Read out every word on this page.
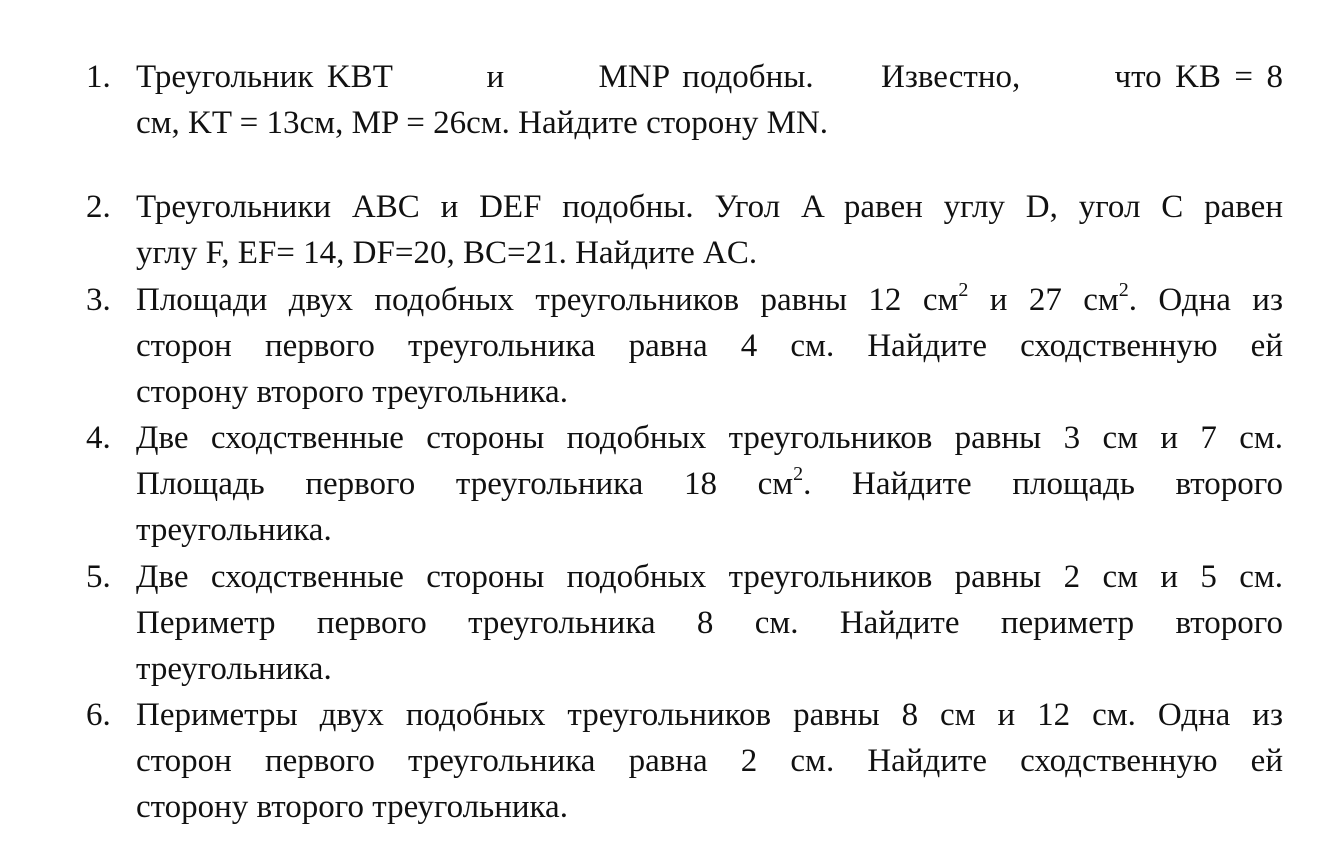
1. Треугольник KBT       и       MNP подобны.     Известно,       что KB = 8
см, KT = 13см, MP = 26см. Найдите сторону MN.
2. Треугольники ABC и DEF подобны. Угол A равен углу D, угол C равен
углу F, EF= 14, DF=20, BC=21. Найдите AC.
3. Площади двух подобных треугольников равны 12 $см^2$ и 27 $см^2$. Одна из
сторон первого треугольника равна 4 см. Найдите сходственную ей
сторону второго треугольника.
4. Две сходственные стороны подобных треугольников равны 3 см и 7 см.
Площадь первого треугольника 18 $см^2$. Найдите площадь второго
треугольника.
5. Две сходственные стороны подобных треугольников равны 2 см и 5 см.
Периметр первого треугольника 8 см. Найдите периметр второго
треугольника.
6. Периметры двух подобных треугольников равны 8 см и 12 см. Одна из
сторон первого треугольника равна 2 см. Найдите сходственную ей
сторону второго треугольника.
